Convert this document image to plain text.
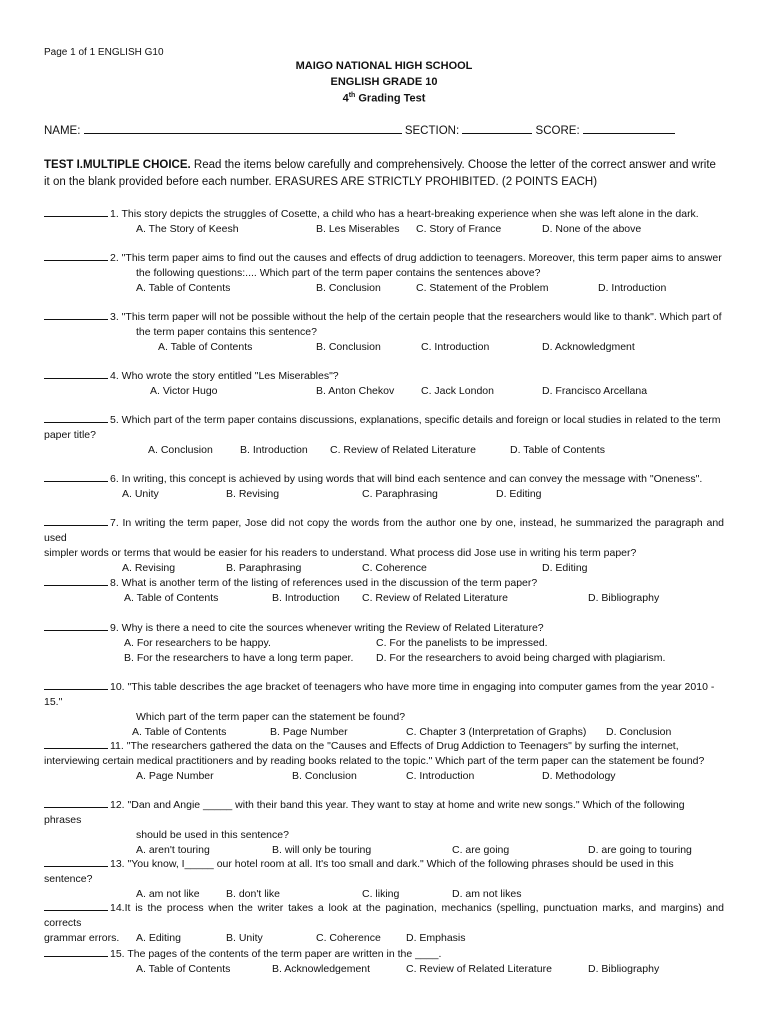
Page 1 of 1 ENGLISH G10
MAIGO NATIONAL HIGH SCHOOL
ENGLISH GRADE 10
4th Grading Test
NAME:	SECTION:	SCORE:
TEST I.MULTIPLE CHOICE. Read the items below carefully and comprehensively. Choose the letter of the correct answer and write it on the blank provided before each number. ERASURES ARE STRICTLY PROHIBITED. (2 POINTS EACH)
1. This story depicts the struggles of Cosette, a child who has a heart-breaking experience when she was left alone in the dark.
A. The Story of Keesh	B. Les Miserables C. Story of France	D. None of the above
2. "This term paper aims to find out the causes and effects of drug addiction to teenagers. Moreover, this term paper aims to answer
the following questions:.... Which part of the term paper contains the sentences above?
A. Table of Contents	B. Conclusion	C. Statement of the Problem	D. Introduction
3. "This term paper will not be possible without the help of the certain people that the researchers would like to thank". Which part of
the term paper contains this sentence?
A. Table of Contents	B. Conclusion	C. Introduction	D. Acknowledgment
4. Who wrote the story entitled "Les Miserables"?
A. Victor Hugo	B. Anton Chekov	C. Jack London	D. Francisco Arcellana
5. Which part of the term paper contains discussions, explanations, specific details and foreign or local studies in related to the term
paper title?
A. Conclusion	B. Introduction C. Review of Related Literature	D. Table of Contents
6. In writing, this concept is achieved by using words that will bind each sentence and can convey the message with "Oneness".
A. Unity	B. Revising	C. Paraphrasing	D. Editing
7. In writing the term paper, Jose did not copy the words from the author one by one, instead, he summarized the paragraph and used
simpler words or terms that would be easier for his readers to understand. What process did Jose use in writing his term paper?
A. Revising	B. Paraphrasing	C. Coherence	D. Editing
8. What is another term of the listing of references used in the discussion of the term paper?
A. Table of Contents	B. Introduction C. Review of Related Literature	D. Bibliography
9. Why is there a need to cite the sources whenever writing the Review of Related Literature?
A. For researchers to be happy.	C. For the panelists to be impressed.
B. For the researchers to have a long term paper. D. For the researchers to avoid being charged with plagiarism.
10. "This table describes the age bracket of teenagers who have more time in engaging into computer games from the year 2010 - 15."
Which part of the term paper can the statement be found?
A. Table of Contents	B. Page Number	C. Chapter 3 (Interpretation of Graphs) D. Conclusion
11. "The researchers gathered the data on the "Causes and Effects of Drug Addiction to Teenagers" by surfing the internet,
interviewing certain medical practitioners and by reading books related to the topic." Which part of the term paper can the statement be found?
A. Page Number	B. Conclusion	C. Introduction	D. Methodology
12. "Dan and Angie _____ with their band this year. They want to stay at home and write new songs." Which of the following phrases
should be used in this sentence?
A. aren't touring	B. will only be touring	C. are going	D. are going to touring
13. "You know, I_____ our hotel room at all. It's too small and dark." Which of the following phrases should be used in this sentence?
A. am not like	B. don't like	C. liking	D. am not likes
14.It is the process when the writer takes a look at the pagination, mechanics (spelling, punctuation marks, and margins) and corrects
grammar errors. A. Editing	B. Unity	C. Coherence D. Emphasis
15. The pages of the contents of the term paper are written in the ____.
A. Table of Contents	B. Acknowledgement	C. Review of Related Literature	D. Bibliography
